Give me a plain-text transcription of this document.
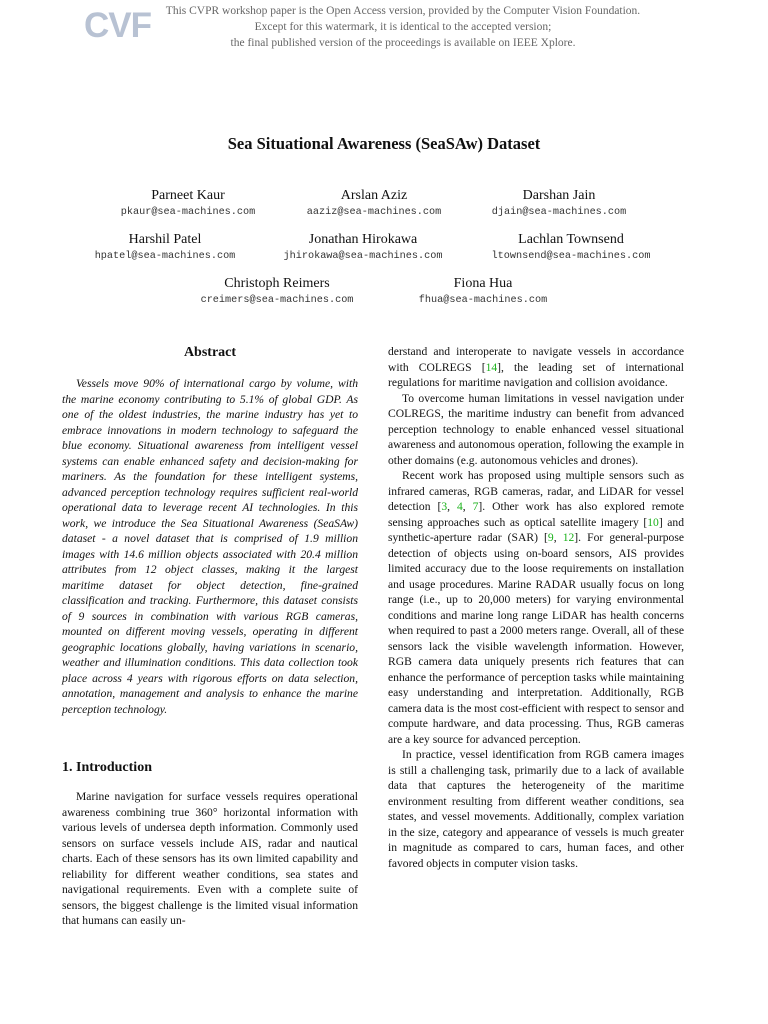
CVF	This CVPR workshop paper is the Open Access version, provided by the Computer Vision Foundation.
Except for this watermark, it is identical to the accepted version;
the final published version of the proceedings is available on IEEE Xplore.
Sea Situational Awareness (SeaSAw) Dataset
Parneet Kaur
pkaur@sea-machines.com
Arslan Aziz
aaziz@sea-machines.com
Darshan Jain
djain@sea-machines.com
Harshil Patel
hpatel@sea-machines.com
Jonathan Hirokawa
jhirokawa@sea-machines.com
Lachlan Townsend
ltownsend@sea-machines.com
Christoph Reimers
creimers@sea-machines.com
Fiona Hua
fhua@sea-machines.com
Abstract

Vessels move 90% of international cargo by volume, with the marine economy contributing to 5.1% of global GDP. As one of the oldest industries, the marine industry has yet to embrace innovations in modern technology to safeguard the blue economy. Situational awareness from intelligent vessel systems can enable enhanced safety and decision-making for mariners. As the foundation for these intelligent systems, advanced perception technology requires sufficient real-world operational data to leverage recent AI technologies. In this work, we introduce the Sea Situational Awareness (SeaSAw) dataset - a novel dataset that is comprised of 1.9 million images with 14.6 million objects associated with 20.4 million attributes from 12 object classes, making it the largest maritime dataset for object detection, fine-grained classification and tracking. Furthermore, this dataset consists of 9 sources in combination with various RGB cameras, mounted on different moving vessels, operating in different geographic locations globally, having variations in scenario, weather and illumination conditions. This data collection took place across 4 years with rigorous efforts on data selection, annotation, management and analysis to enhance the marine perception technology.

1. Introduction

Marine navigation for surface vessels requires operational awareness combining true 360° horizontal information with various levels of undersea depth information. Commonly used sensors on surface vessels include AIS, radar and nautical charts. Each of these sensors has its own limited capability and reliability for different weather conditions, sea states and navigational requirements. Even with a complete suite of sensors, the biggest challenge is the limited visual information that humans can easily un-

derstand and interoperate to navigate vessels in accordance with COLREGS [14], the leading set of international regulations for maritime navigation and collision avoidance.

To overcome human limitations in vessel navigation under COLREGS, the maritime industry can benefit from advanced perception technology to enable enhanced vessel situational awareness and autonomous operation, following the example in other domains (e.g. autonomous vehicles and drones).

Recent work has proposed using multiple sensors such as infrared cameras, RGB cameras, radar, and LiDAR for vessel detection [3, 4, 7]. Other work has also explored remote sensing approaches such as optical satellite imagery [10] and synthetic-aperture radar (SAR) [9, 12]. For general-purpose detection of objects using on-board sensors, AIS provides limited accuracy due to the loose requirements on installation and usage procedures. Marine RADAR usually focus on long range (i.e., up to 20,000 meters) for varying environmental conditions and marine long range LiDAR has health concerns when required to past a 2000 meters range. Overall, all of these sensors lack the visible wavelength information. However, RGB camera data uniquely presents rich features that can enhance the performance of perception tasks while maintaining easy understanding and interpretation. Additionally, RGB camera data is the most cost-efficient with respect to sensor and compute hardware, and data processing. Thus, RGB cameras are a key source for advanced perception.

In practice, vessel identification from RGB camera images is still a challenging task, primarily due to a lack of available data that captures the heterogeneity of the maritime environment resulting from different weather conditions, sea states, and vessel movements. Additionally, complex variation in the size, category and appearance of vessels is much greater in magnitude as compared to cars, human faces, and other favored objects in computer vision tasks.
